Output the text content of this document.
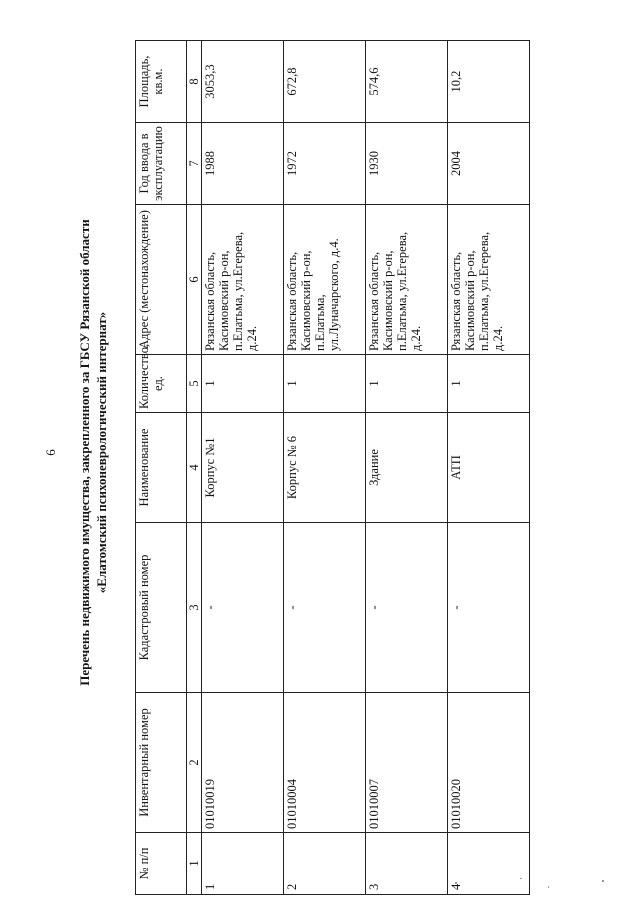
6 Перечень недвижимого имущества, закрепленного за ГБСУ Рязанской области «Елатомский психоневрологический интернат»
№ п/п	Инвентарный номер	Кадастровый номер	Наименование	Количество, ед.	Адрес (местонахождение)	Год ввода в эксплуатацию	Площадь, кв.м.
1	2	3	4	5	6	7	8
1	01010019	-	Корпус №1	1	Рязанская область, Касимовский р-он, п.Елатьма, ул.Егерева, д.24.	1988	3053,3
2	01010004	-	Корпус № 6	1	Рязанская область, Касимовский р-он, п.Елатьма, ул.Луначарского, д.4.	1972	672,8
3	01010007	-	Здание	1	Рязанская область, Касимовский р-он, п.Елатьма, ул.Егерева, д.24.	1930	574,6
4	01010020	-	АТП	1	Рязанская область, Касимовский р-он, п.Елатьма, ул.Егерева, д.24.	2004	10,2
